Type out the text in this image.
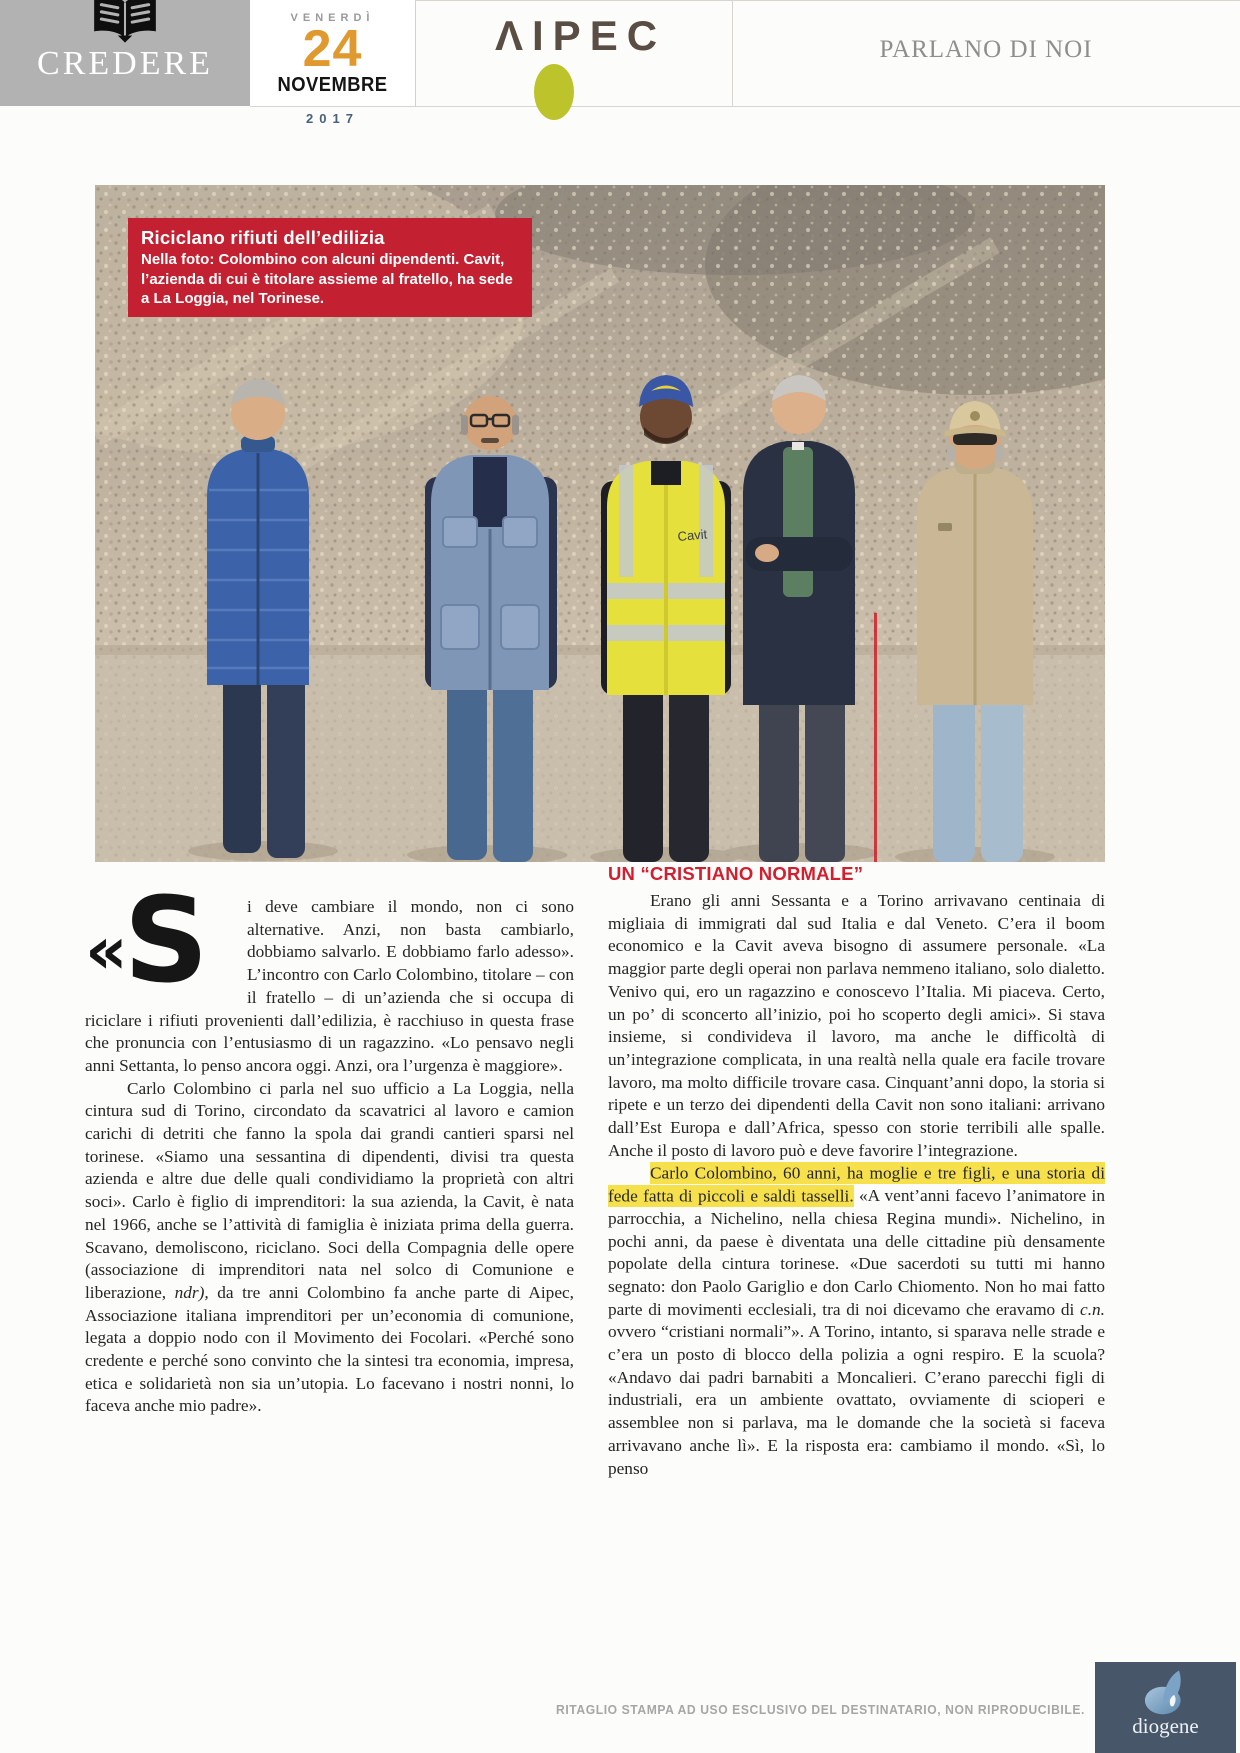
CREDERE
VENERDÌ
24
NOVEMBRE
2017
ΛIPEC	PARLANO DI NOI
Cavit
Riciclano rifiuti dell’edilizia
Nella foto: Colombino con alcuni dipendenti. Cavit, l’azienda di cui è titolare assieme al fratello, ha sede a La Loggia, nel Torinese.

«S	i deve cambiare il mondo, non ci sono alternative. Anzi, non basta cambiarlo, dobbiamo salvarlo. E dobbiamo farlo adesso». L’incontro con Carlo Colombino, titolare – con il fratello – di un’azienda che si occupa di riciclare i rifiuti provenienti dall’edilizia, è racchiuso in questa frase che pronuncia con l’entusiasmo di un ragazzino. «Lo pensavo negli anni Settanta, lo penso ancora oggi. Anzi, ora l’urgenza è maggiore».

Carlo Colombino ci parla nel suo ufficio a La Loggia, nella cintura sud di Torino, circondato da scavatrici al lavoro e camion carichi di detriti che fanno la spola dai grandi cantieri sparsi nel torinese. «Siamo una sessantina di dipendenti, divisi tra questa azienda e altre due delle quali condividiamo la proprietà con altri soci». Carlo è figlio di imprenditori: la sua azienda, la Cavit, è nata nel 1966, anche se l’attività di famiglia è iniziata prima della guerra. Scavano, demoliscono, riciclano. Soci della Compagnia delle opere (associazione di imprenditori nata nel solco di Comunione e liberazione, ndr), da tre anni Colombino fa anche parte di Aipec, Associazione italiana imprenditori per un’economia di comunione, legata a doppio nodo con il Movimento dei Focolari. «Perché sono credente e perché sono convinto che la sintesi tra economia, impresa, etica e solidarietà non sia un’utopia. Lo facevano i nostri nonni, lo faceva anche mio padre».

UN “CRISTIANO NORMALE”

Erano gli anni Sessanta e a Torino arrivavano centinaia di migliaia di immigrati dal sud Italia e dal Veneto. C’era il boom economico e la Cavit aveva bisogno di assumere personale. «La maggior parte degli operai non parlava nemmeno italiano, solo dialetto. Venivo qui, ero un ragazzino e conoscevo l’Italia. Mi piaceva. Certo, un po’ di sconcerto all’inizio, poi ho scoperto degli amici». Si stava insieme, si condivideva il lavoro, ma anche le difficoltà di un’integrazione complicata, in una realtà nella quale era facile trovare lavoro, ma molto difficile trovare casa. Cinquant’anni dopo, la storia si ripete e un terzo dei dipendenti della Cavit non sono italiani: arrivano dall’Est Europa e dall’Africa, spesso con storie terribili alle spalle. Anche il posto di lavoro può e deve favorire l’integrazione.

Carlo Colombino, 60 anni, ha moglie e tre figli, e una storia di fede fatta di piccoli e saldi tasselli. «A vent’anni facevo l’animatore in parrocchia, a Nichelino, nella chiesa Regina mundi». Nichelino, in pochi anni, da paese è diventata una delle cittadine più densamente popolate della cintura torinese. «Due sacerdoti su tutti mi hanno segnato: don Paolo Gariglio e don Carlo Chiomento. Non ho mai fatto parte di movimenti ecclesiali, tra di noi dicevamo che eravamo di c.n. ovvero “cristiani normali”». A Torino, intanto, si sparava nelle strade e c’era un posto di blocco della polizia a ogni respiro. E la scuola? «Andavo dai padri barnabiti a Moncalieri. C’erano parecchi figli di industriali, era un ambiente ovattato, ovviamente di scioperi e assemblee non si parlava, ma le domande che la società si faceva arrivavano anche lì». E la risposta era: cambiamo il mondo. «Sì, lo penso

RITAGLIO STAMPA AD USO ESCLUSIVO DEL DESTINATARIO, NON RIPRODUCIBILE.
diogene
